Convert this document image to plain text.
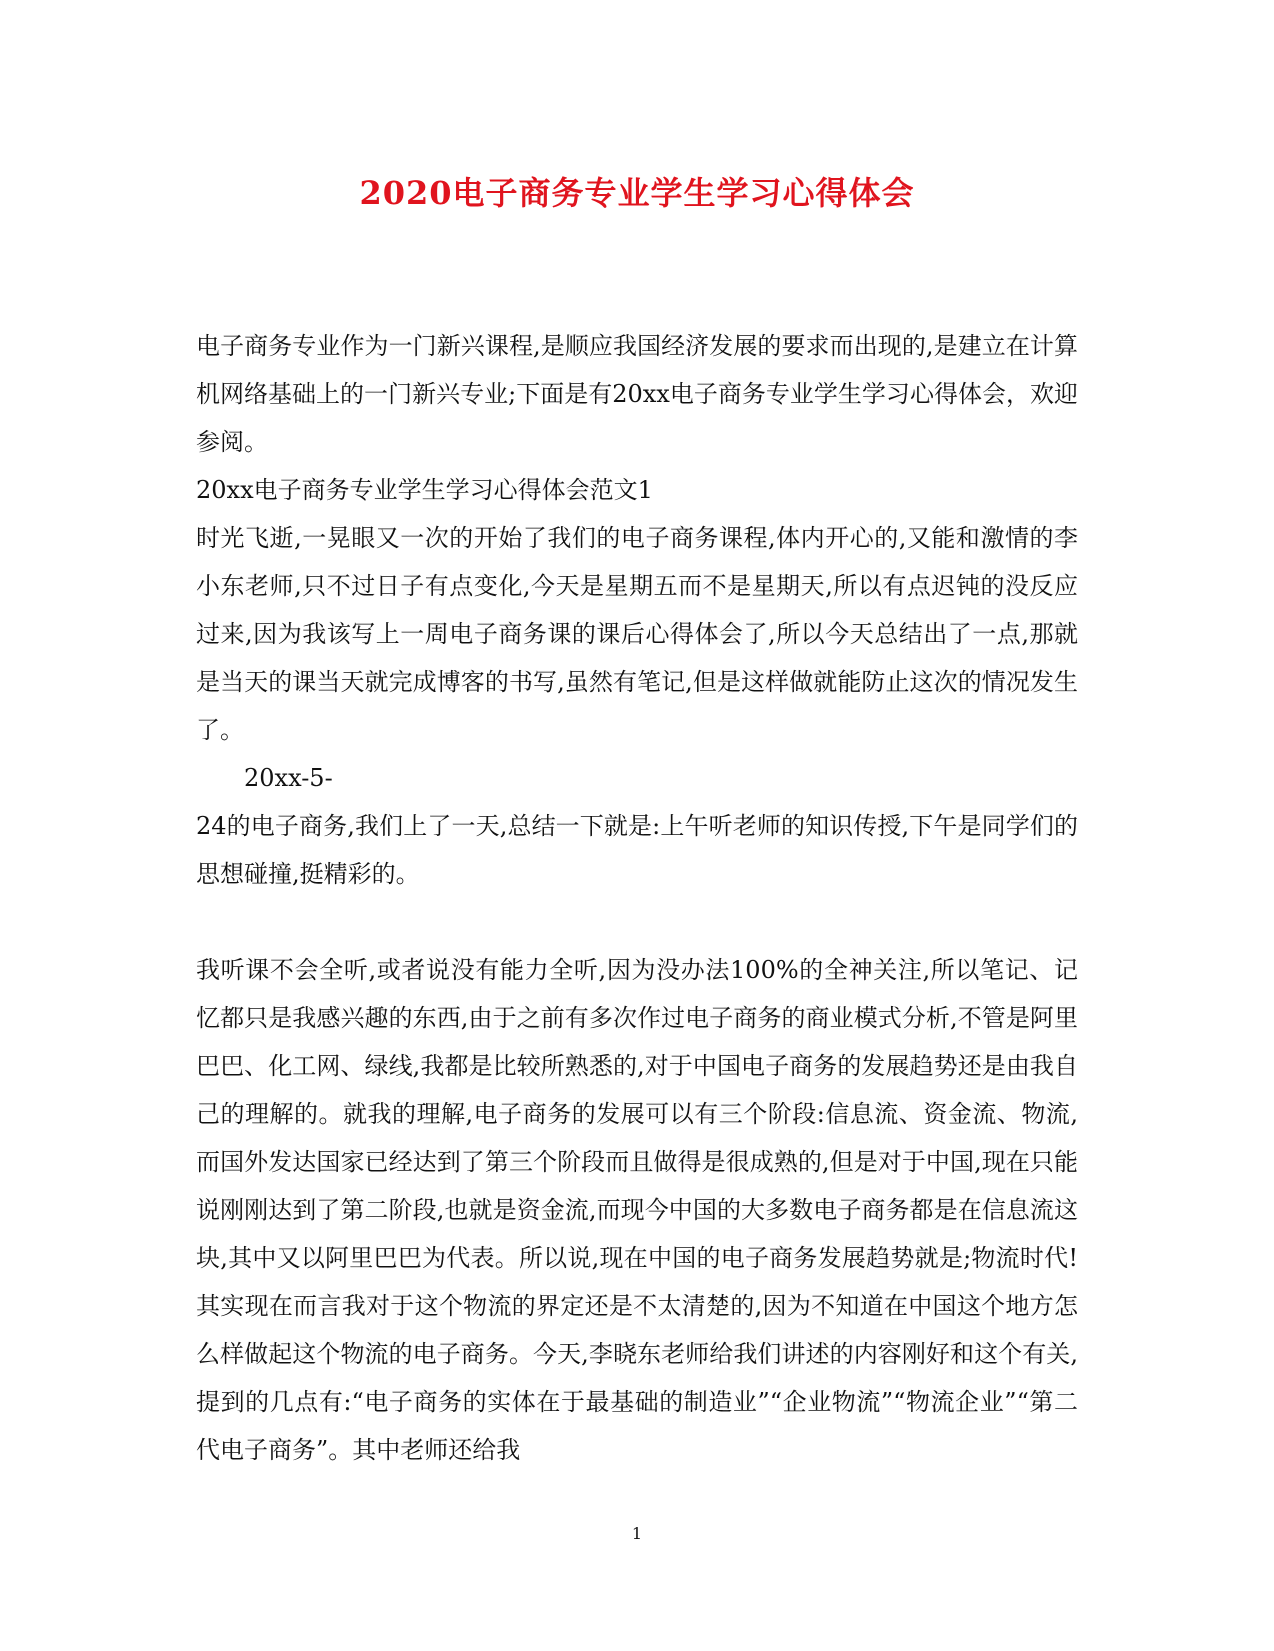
2020电子商务专业学生学习心得体会

电子商务专业作为一门新兴课程,是顺应我国经济发展的要求而出现的,是建立在计算机网络基础上的一门新兴专业;下面是有20xx电子商务专业学生学习心得体会，欢迎参阅。

20xx电子商务专业学生学习心得体会范文1

时光飞逝,一晃眼又一次的开始了我们的电子商务课程,体内开心的,又能和激情的李小东老师,只不过日子有点变化,今天是星期五而不是星期天,所以有点迟钝的没反应过来,因为我该写上一周电子商务课的课后心得体会了,所以今天总结出了一点,那就是当天的课当天就完成博客的书写,虽然有笔记,但是这样做就能防止这次的情况发生了。

20xx-5-

24的电子商务,我们上了一天,总结一下就是:上午听老师的知识传授,下午是同学们的思想碰撞,挺精彩的。

我听课不会全听,或者说没有能力全听,因为没办法100%的全神关注,所以笔记、记忆都只是我感兴趣的东西,由于之前有多次作过电子商务的商业模式分析,不管是阿里巴巴、化工网、绿线,我都是比较所熟悉的,对于中国电子商务的发展趋势还是由我自己的理解的。就我的理解,电子商务的发展可以有三个阶段:信息流、资金流、物流,而国外发达国家已经达到了第三个阶段而且做得是很成熟的,但是对于中国,现在只能说刚刚达到了第二阶段,也就是资金流,而现今中国的大多数电子商务都是在信息流这块,其中又以阿里巴巴为代表。所以说,现在中国的电子商务发展趋势就是;物流时代!其实现在而言我对于这个物流的界定还是不太清楚的,因为不知道在中国这个地方怎么样做起这个物流的电子商务。今天,李晓东老师给我们讲述的内容刚好和这个有关,提到的几点有:“电子商务的实体在于最基础的制造业”“企业物流”“物流企业”“第二代电子商务”。其中老师还给我

1
